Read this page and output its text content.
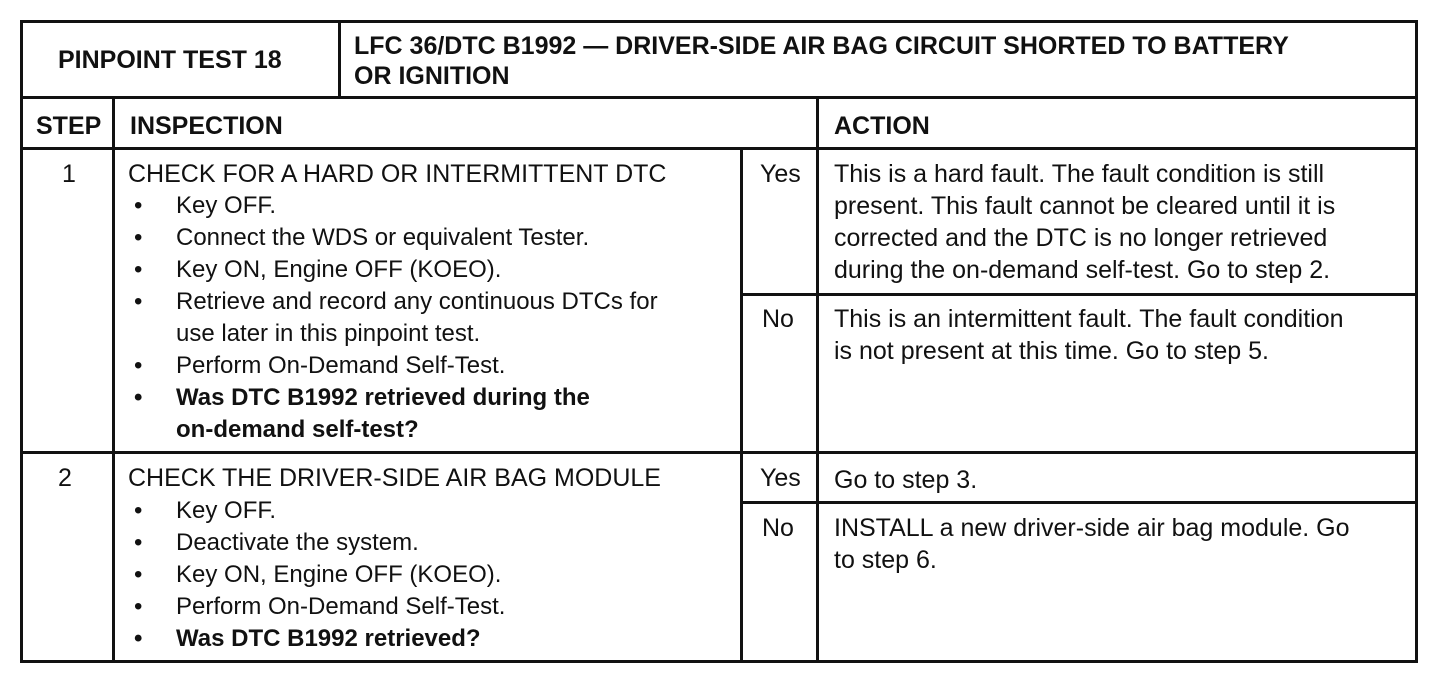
PINPOINT TEST 18	LFC 36/DTC B1992 — DRIVER-SIDE AIR BAG CIRCUIT SHORTED TO BATTERY
OR IGNITION
STEP INSPECTION	ACTION
1 CHECK FOR A HARD OR INTERMITTENT DTC
• Key OFF.
• Connect the WDS or equivalent Tester.
• Key ON, Engine OFF (KOEO).
• Retrieve and record any continuous DTCs for
use later in this pinpoint test.
• Perform On-Demand Self-Test.
• Was DTC B1992 retrieved during the
on-demand self-test?
Yes This is a hard fault. The fault condition is still
present. This fault cannot be cleared until it is
corrected and the DTC is no longer retrieved
during the on-demand self-test. Go to step 2.
No This is an intermittent fault. The fault condition
is not present at this time. Go to step 5.
2 CHECK THE DRIVER-SIDE AIR BAG MODULE
• Key OFF.
• Deactivate the system.
• Key ON, Engine OFF (KOEO).
• Perform On-Demand Self-Test.
• Was DTC B1992 retrieved?
Yes Go to step 3.
No INSTALL a new driver-side air bag module. Go
to step 6.
